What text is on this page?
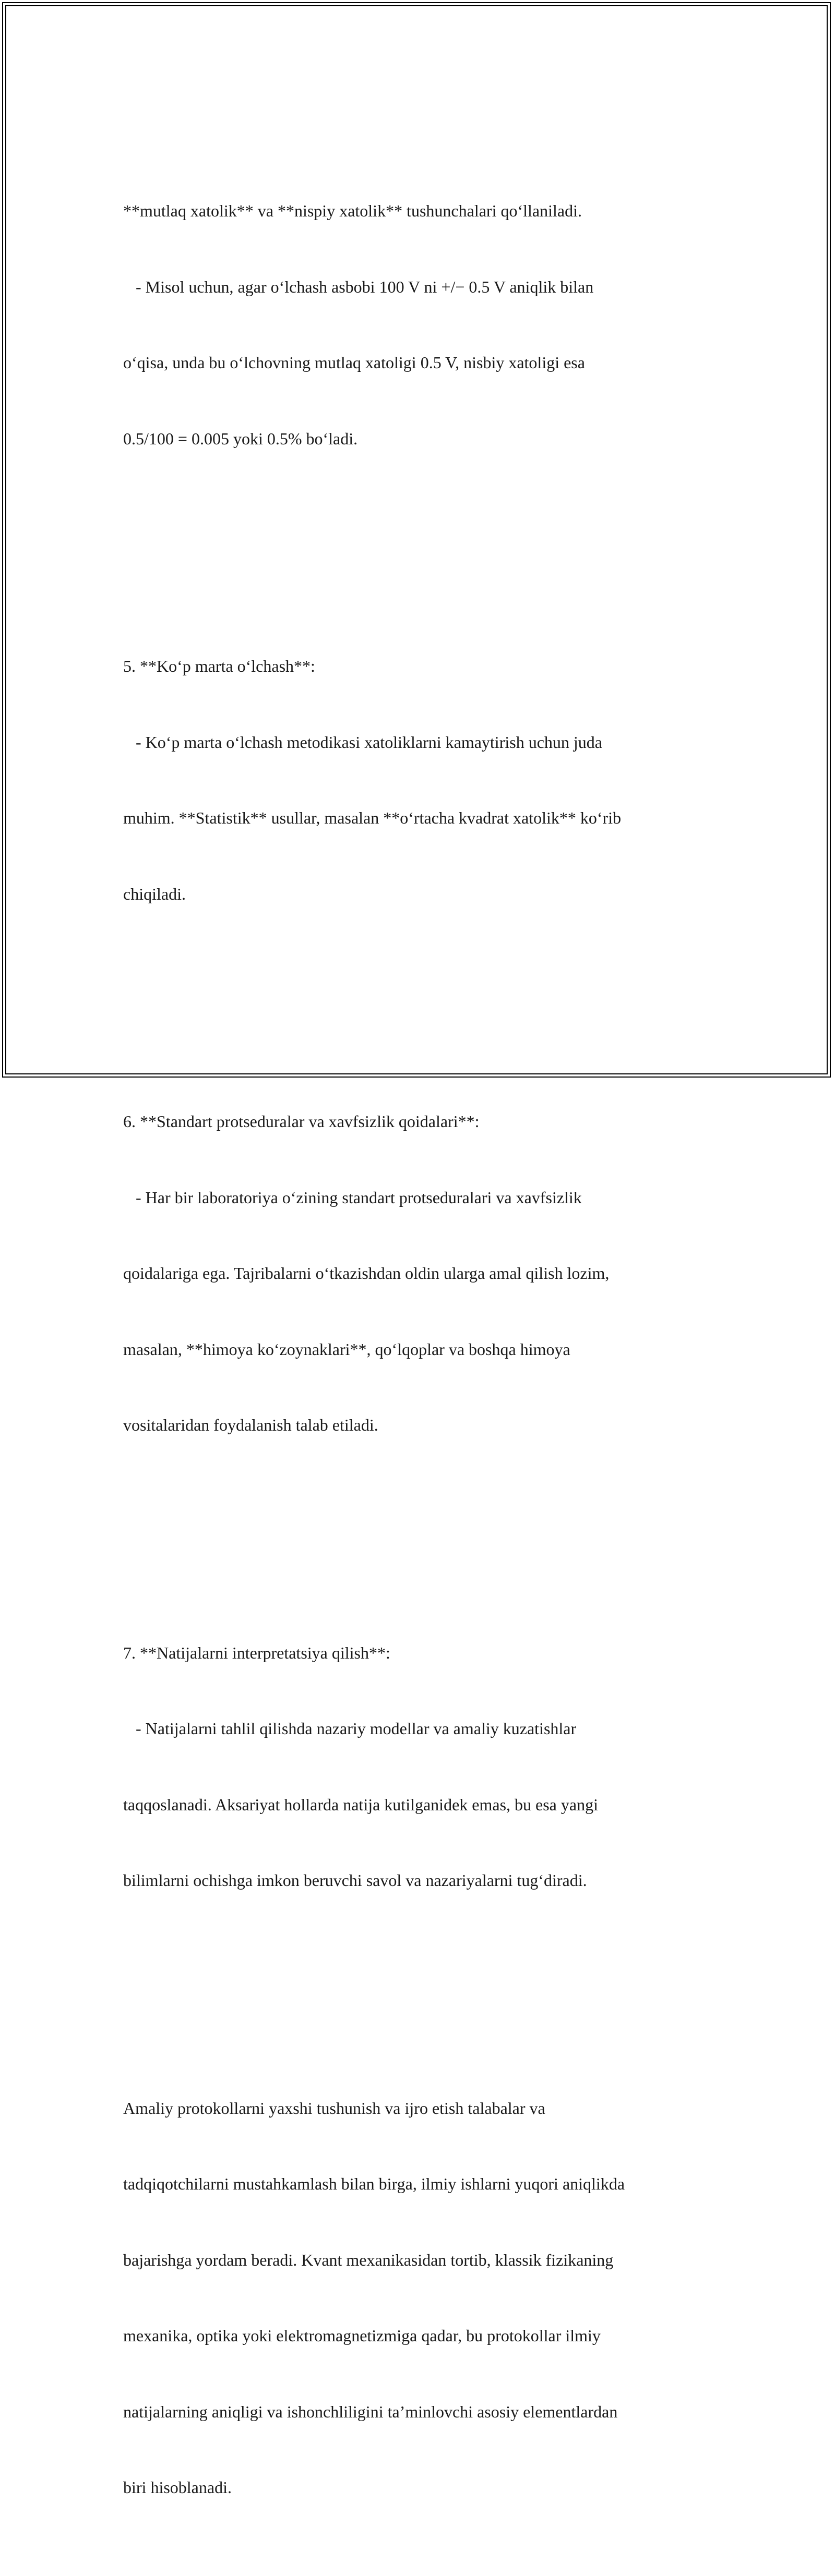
**mutlaq xatolik** va **nispiy xatolik** tushunchalari qo‘llaniladi.

- Misol uchun, agar o‘lchash asbobi 100 V ni +/− 0.5 V aniqlik bilan

o‘qisa, unda bu o‘lchovning mutlaq xatoligi 0.5 V, nisbiy xatoligi esa

0.5/100 = 0.005 yoki 0.5% bo‘ladi.

5. **Ko‘p marta o‘lchash**:

- Ko‘p marta o‘lchash metodikasi xatoliklarni kamaytirish uchun juda

muhim. **Statistik** usullar, masalan **o‘rtacha kvadrat xatolik** ko‘rib

chiqiladi.

6. **Standart protseduralar va xavfsizlik qoidalari**:

- Har bir laboratoriya o‘zining standart protseduralari va xavfsizlik

qoidalariga ega. Tajribalarni o‘tkazishdan oldin ularga amal qilish lozim,

masalan, **himoya ko‘zoynaklari**, qo‘lqoplar va boshqa himoya

vositalaridan foydalanish talab etiladi.

7. **Natijalarni interpretatsiya qilish**:

- Natijalarni tahlil qilishda nazariy modellar va amaliy kuzatishlar

taqqoslanadi. Aksariyat hollarda natija kutilganidek emas, bu esa yangi

bilimlarni ochishga imkon beruvchi savol va nazariyalarni tug‘diradi.

Amaliy protokollarni yaxshi tushunish va ijro etish talabalar va

tadqiqotchilarni mustahkamlash bilan birga, ilmiy ishlarni yuqori aniqlikda

bajarishga yordam beradi. Kvant mexanikasidan tortib, klassik fizikaning

mexanika, optika yoki elektromagnetizmiga qadar, bu protokollar ilmiy

natijalarning aniqligi va ishonchliligini ta’minlovchi asosiy elementlardan

biri hisoblanadi.
